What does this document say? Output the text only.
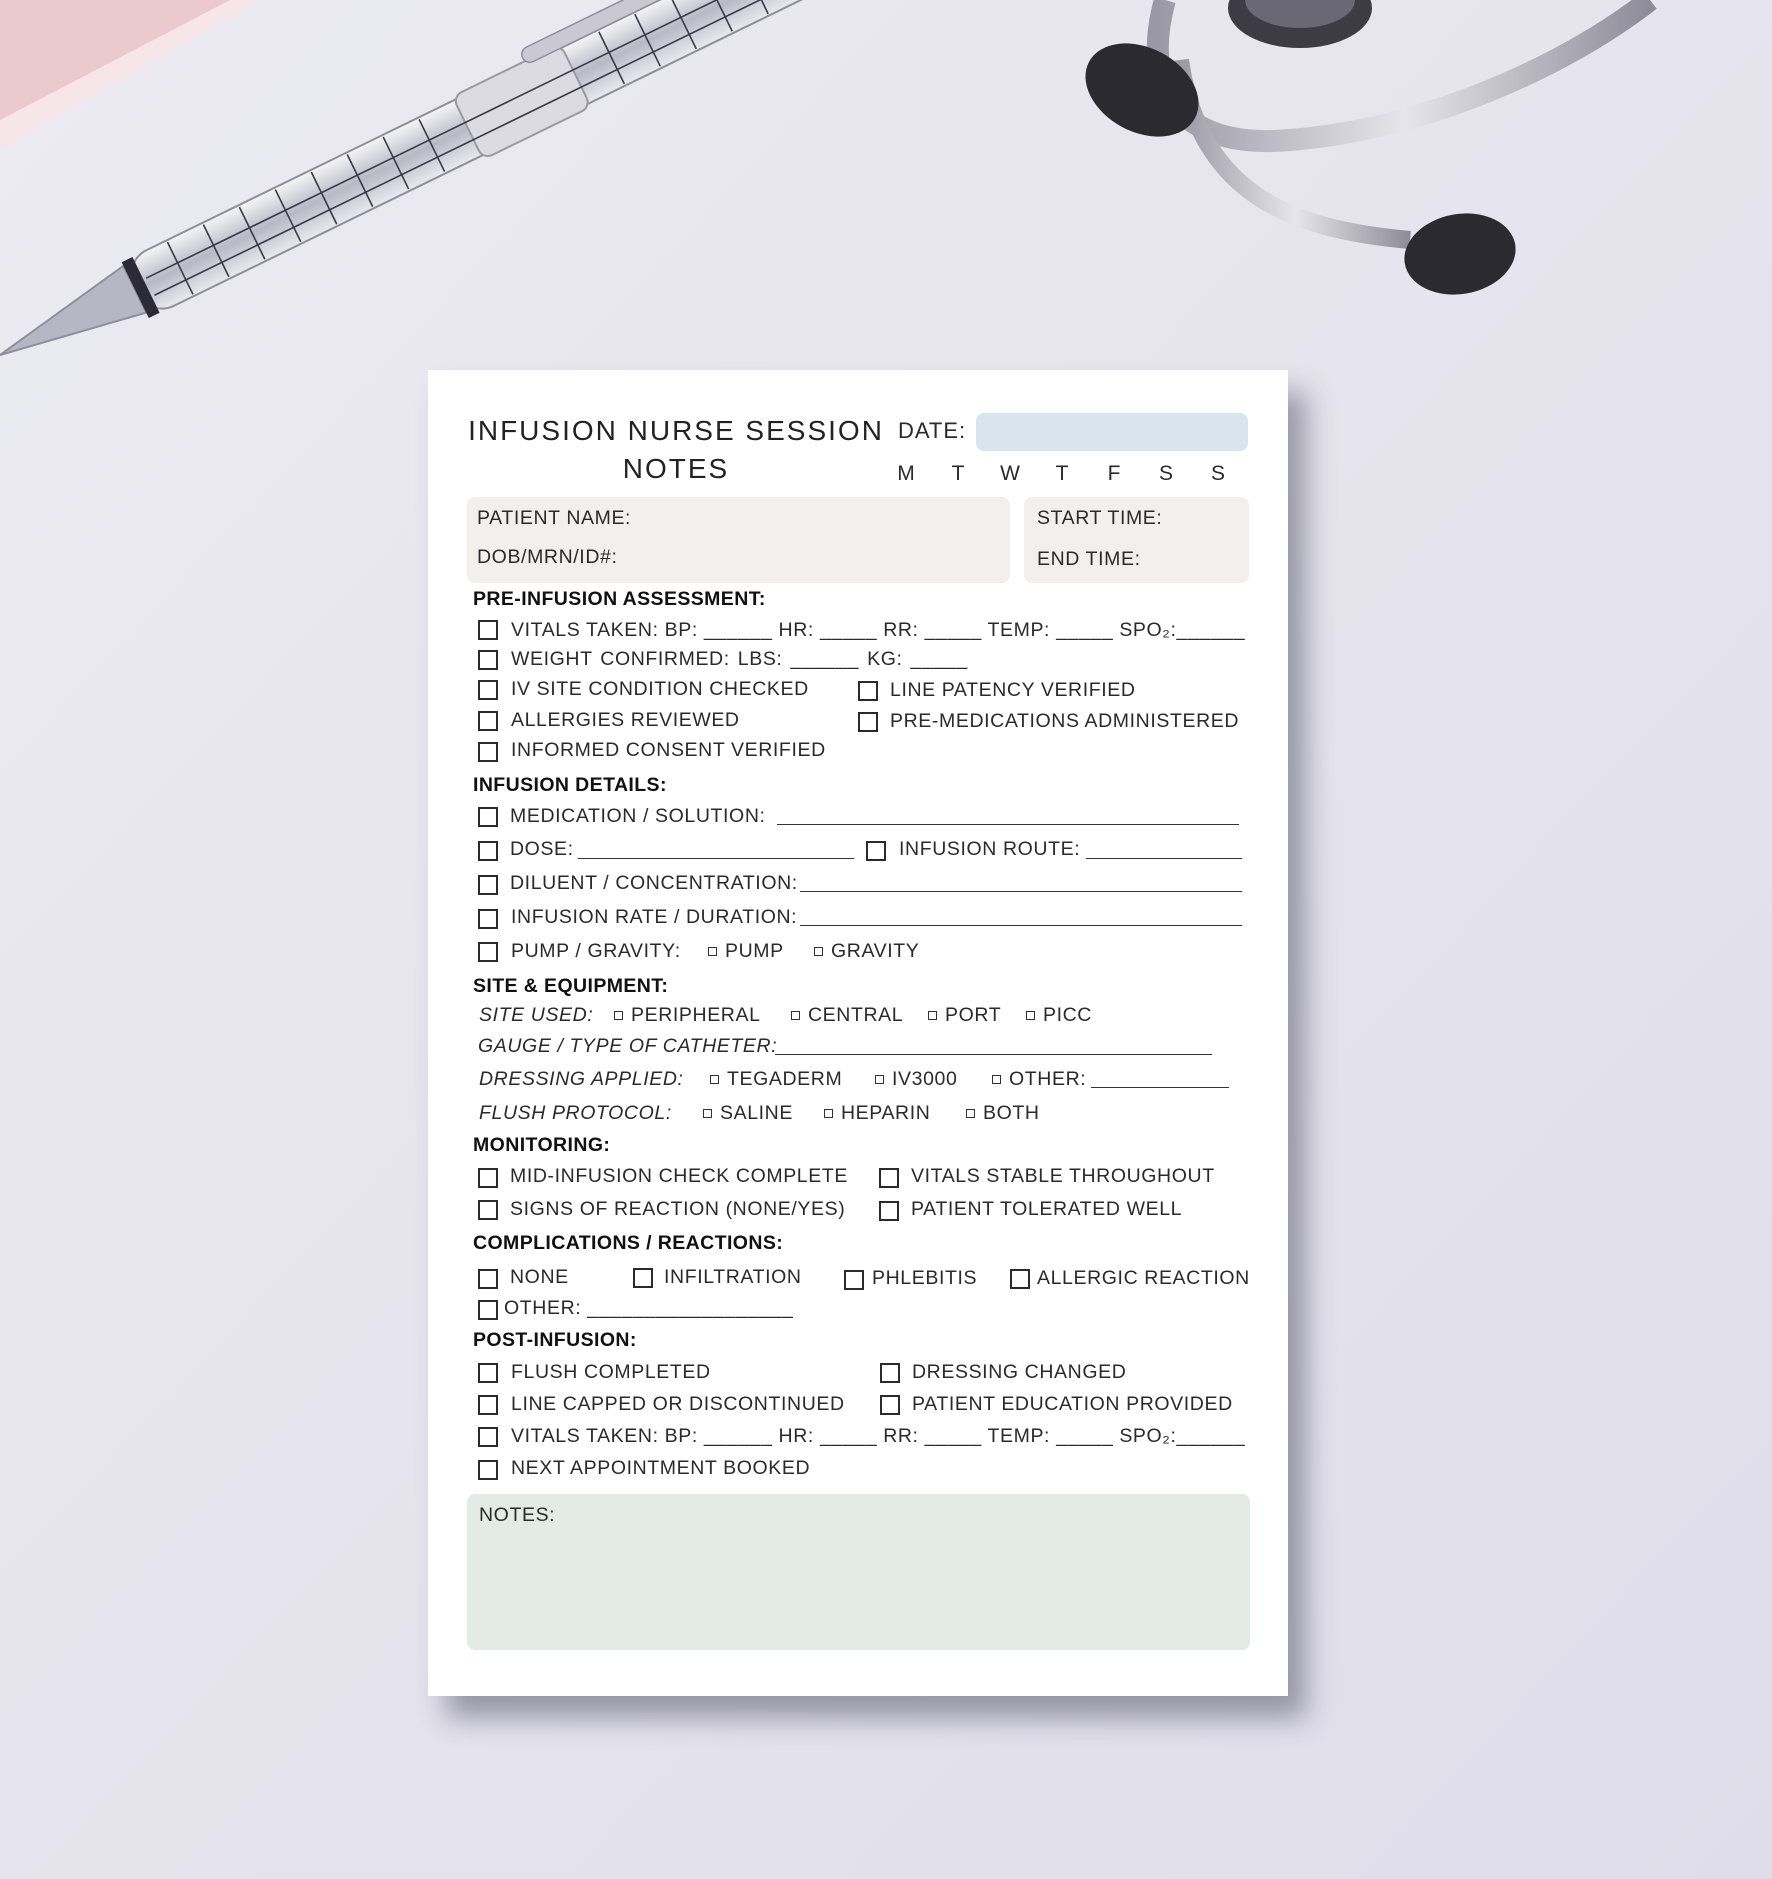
INFUSION NURSE SESSION
NOTES
DATE:
M	T	W	T	F	S	S
PATIENT NAME:
DOB/MRN/ID#:
START TIME:
END TIME:
PRE-INFUSION ASSESSMENT:
VITALS TAKEN: BP: ______ HR: _____ RR: _____ TEMP: _____ SPO₂:______
WEIGHT CONFIRMED: LBS: ______ KG: _____
IV SITE CONDITION CHECKED	LINE PATENCY VERIFIED
ALLERGIES REVIEWED	PRE-MEDICATIONS ADMINISTERED
INFORMED CONSENT VERIFIED
INFUSION DETAILS:
MEDICATION / SOLUTION:
DOSE:	INFUSION ROUTE:
DILUENT / CONCENTRATION:
INFUSION RATE / DURATION:
PUMP / GRAVITY:	PUMP	GRAVITY
SITE & EQUIPMENT:
SITE USED:	PERIPHERAL	CENTRAL	PORT	PICC
GAUGE / TYPE OF CATHETER:
DRESSING APPLIED:	TEGADERM	IV3000	OTHER:
FLUSH PROTOCOL:	SALINE	HEPARIN	BOTH
MONITORING:
MID-INFUSION CHECK COMPLETE	VITALS STABLE THROUGHOUT
SIGNS OF REACTION (NONE/YES)	PATIENT TOLERATED WELL
COMPLICATIONS / REACTIONS:
NONE	INFILTRATION	PHLEBITIS	ALLERGIC REACTION
OTHER: __________________
POST-INFUSION:
FLUSH COMPLETED	DRESSING CHANGED
LINE CAPPED OR DISCONTINUED	PATIENT EDUCATION PROVIDED
VITALS TAKEN: BP: ______ HR: _____ RR: _____ TEMP: _____ SPO₂:______
NEXT APPOINTMENT BOOKED
NOTES:
